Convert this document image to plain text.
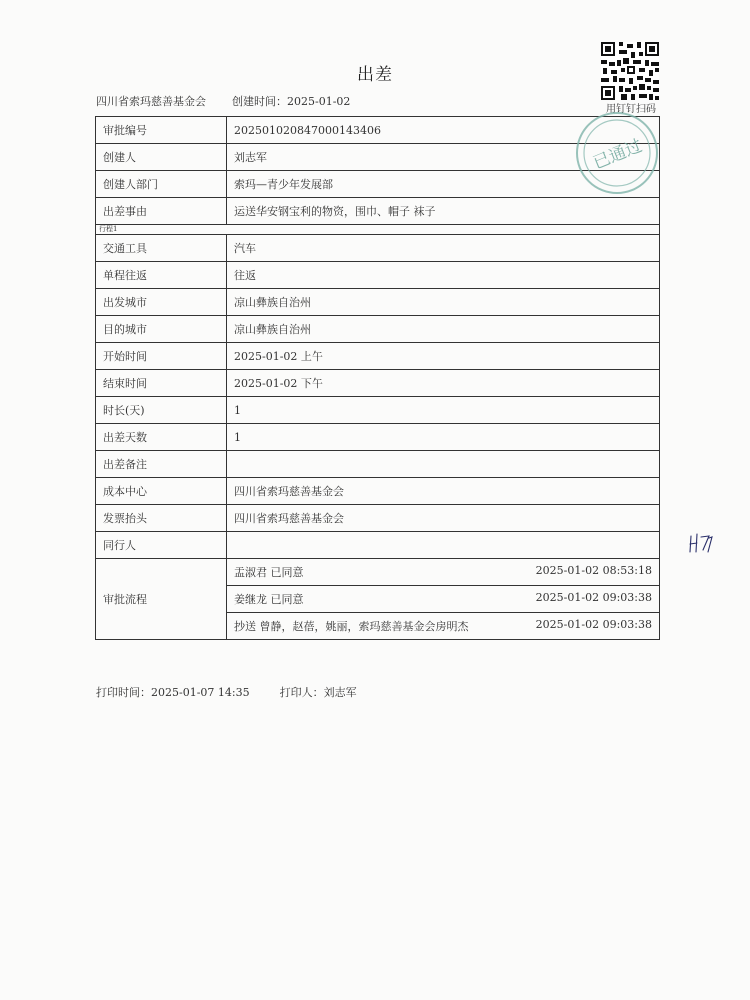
出差
四川省索玛慈善基金会 创建时间：2025-01-02
用钉钉扫码
审批编号	202501020847000143406
创建人	刘志军
创建人部门	索玛—青少年发展部
出差事由	运送华安钢宝利的物资，围巾、帽子 袜子
行程1	
交通工具	汽车
单程往返	往返
出发城市	凉山彝族自治州
目的城市	凉山彝族自治州
开始时间	2025-01-02 上午
结束时间	2025-01-02 下午
时长(天)	1
出差天数	1
出差备注	
成本中心	四川省索玛慈善基金会
发票抬头	四川省索玛慈善基金会
同行人	
审批流程	盂淑君 已同意 2025-01-02 08:53:18

	姜继龙 已同意 2025-01-02 09:03:38

	抄送 曾静，赵蓓，姚丽，索玛慈善基金会房明杰 2025-01-02 09:03:38
已通过
打印时间：2025-01-07 14:35	打印人：刘志军
